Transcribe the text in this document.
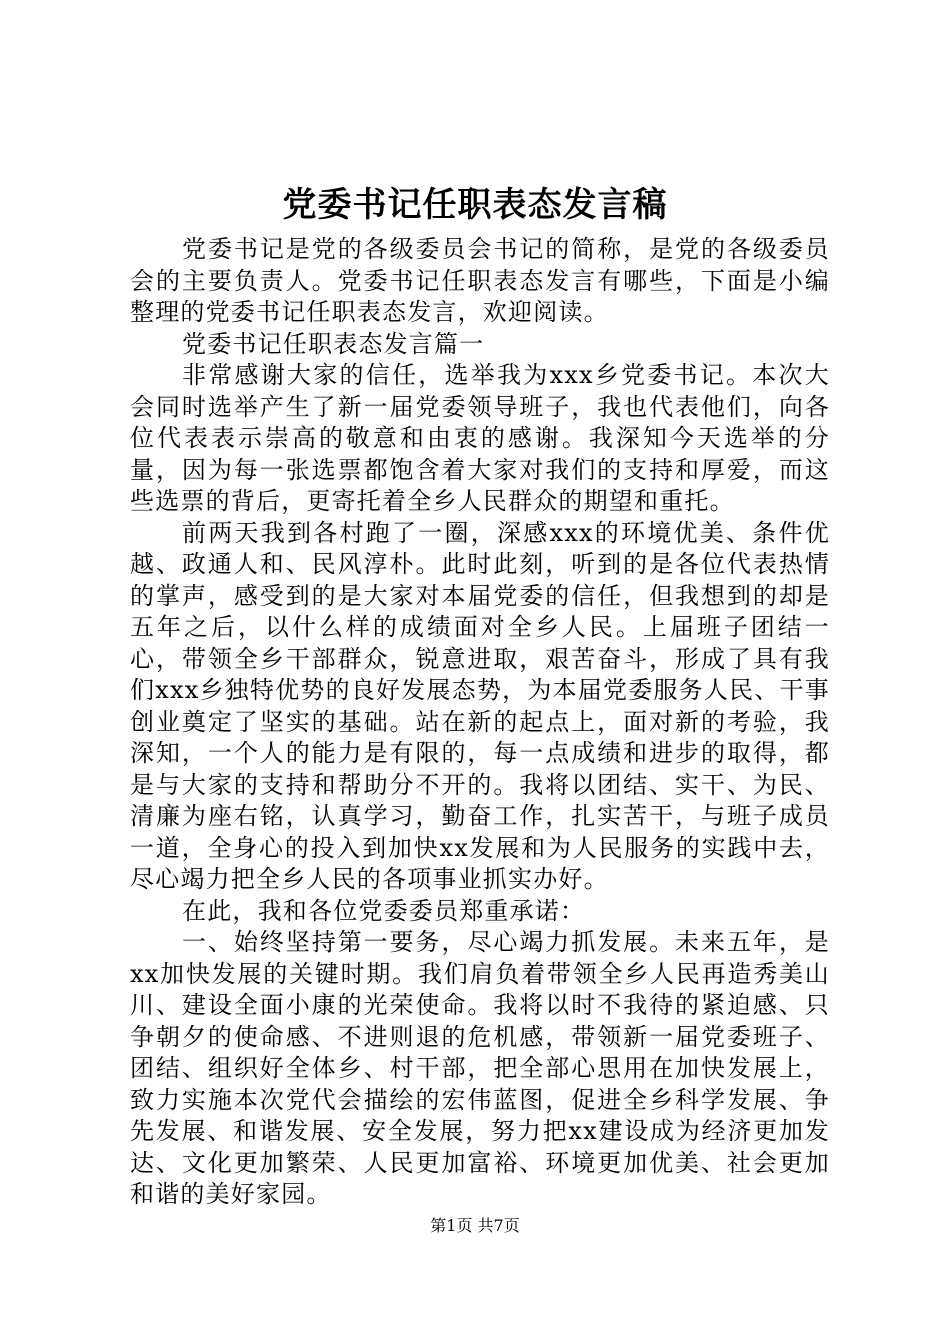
党委书记任职表态发言稿

党委书记是党的各级委员会书记的简称，是党的各级委员会的主要负责人。党委书记任职表态发言有哪些，下面是小编整理的党委书记任职表态发言，欢迎阅读。

党委书记任职表态发言篇一

非常感谢大家的信任，选举我为xxx乡党委书记。本次大会同时选举产生了新一届党委领导班子，我也代表他们，向各位代表表示崇高的敬意和由衷的感谢。我深知今天选举的分量，因为每一张选票都饱含着大家对我们的支持和厚爱，而这些选票的背后，更寄托着全乡人民群众的期望和重托。

前两天我到各村跑了一圈，深感xxx的环境优美、条件优越、政通人和、民风淳朴。此时此刻，听到的是各位代表热情的掌声，感受到的是大家对本届党委的信任，但我想到的却是五年之后，以什么样的成绩面对全乡人民。上届班子团结一心，带领全乡干部群众，锐意进取，艰苦奋斗，形成了具有我们xxx乡独特优势的良好发展态势，为本届党委服务人民、干事创业奠定了坚实的基础。站在新的起点上，面对新的考验，我深知，一个人的能力是有限的，每一点成绩和进步的取得，都是与大家的支持和帮助分不开的。我将以团结、实干、为民、清廉为座右铭，认真学习，勤奋工作，扎实苦干，与班子成员一道，全身心的投入到加快xx发展和为人民服务的实践中去，尽心竭力把全乡人民的各项事业抓实办好。

在此，我和各位党委委员郑重承诺：

一、始终坚持第一要务，尽心竭力抓发展。未来五年，是xx加快发展的关键时期。我们肩负着带领全乡人民再造秀美山川、建设全面小康的光荣使命。我将以时不我待的紧迫感、只争朝夕的使命感、不进则退的危机感，带领新一届党委班子、团结、组织好全体乡、村干部，把全部心思用在加快发展上，致力实施本次党代会描绘的宏伟蓝图，促进全乡科学发展、争先发展、和谐发展、安全发展，努力把xx建设成为经济更加发达、文化更加繁荣、人民更加富裕、环境更加优美、社会更加和谐的美好家园。

第1页 共7页
